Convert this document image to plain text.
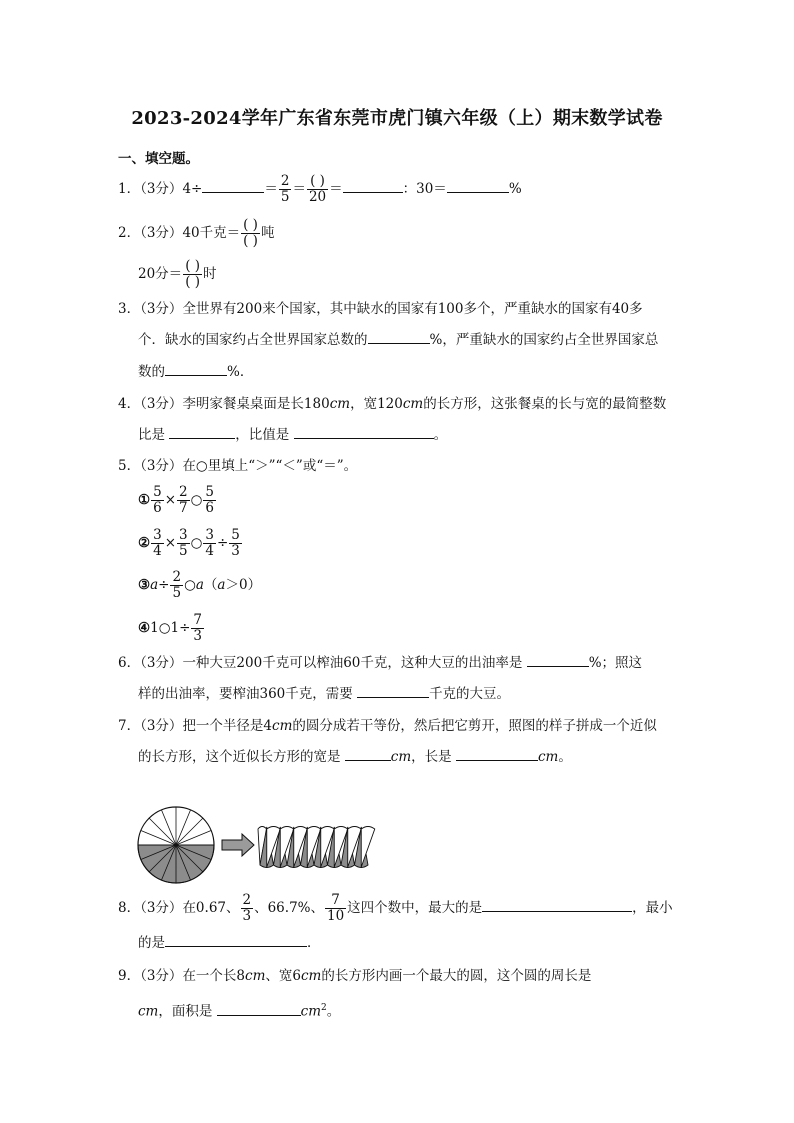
2023-2024学年广东省东莞市虎门镇六年级（上）期末数学试卷
一、填空题。
1．（3分）4÷	＝ $\frac{2}{5} = \frac{( )}{20}$ ＝	：30＝	%
2．（3分）40千克＝ $\frac{( )}{( )}$ 吨
20分＝ $\frac{( )}{( )}$ 时
3．（3分）全世界有200来个国家，其中缺水的国家有100多个，严重缺水的国家有40多
个．缺水的国家约占全世界国家总数的	%，严重缺水的国家约占全世界国家总
数的	%．
4．（3分）李明家餐桌桌面是长180cm，宽120cm的长方形，这张餐桌的长与宽的最简整数
比是	，比值是	。
5．（3分）在○里填上“＞”“＜”或“＝”。
① $\frac{5}{6} \times \frac{2}{7}$ ○ $\frac{5}{6}$
② $\frac{3}{4} \times \frac{3}{5}$ ○ $\frac{3}{4} \div \frac{5}{3}$
③a÷ $\frac{2}{5}$ ○a（a＞0）
④1○1÷ $\frac{7}{3}$
6．（3分）一种大豆200千克可以榨油60千克，这种大豆的出油率是	%；照这
样的出油率，要榨油360千克，需要	千克的大豆。
7．（3分）把一个半径是4cm的圆分成若干等份，然后把它剪开，照图的样子拼成一个近似
的长方形，这个近似长方形的宽是	cm，长是	cm。
8．（3分）在0.67、 $\frac{2}{3}$ 、66.7%、 $\frac{7}{10}$ 这四个数中，最大的是	，最小
的是	．
9．（3分）在一个长8cm、宽6cm的长方形内画一个最大的圆，这个圆的周长是
cm，面积是	$cm^2$。
